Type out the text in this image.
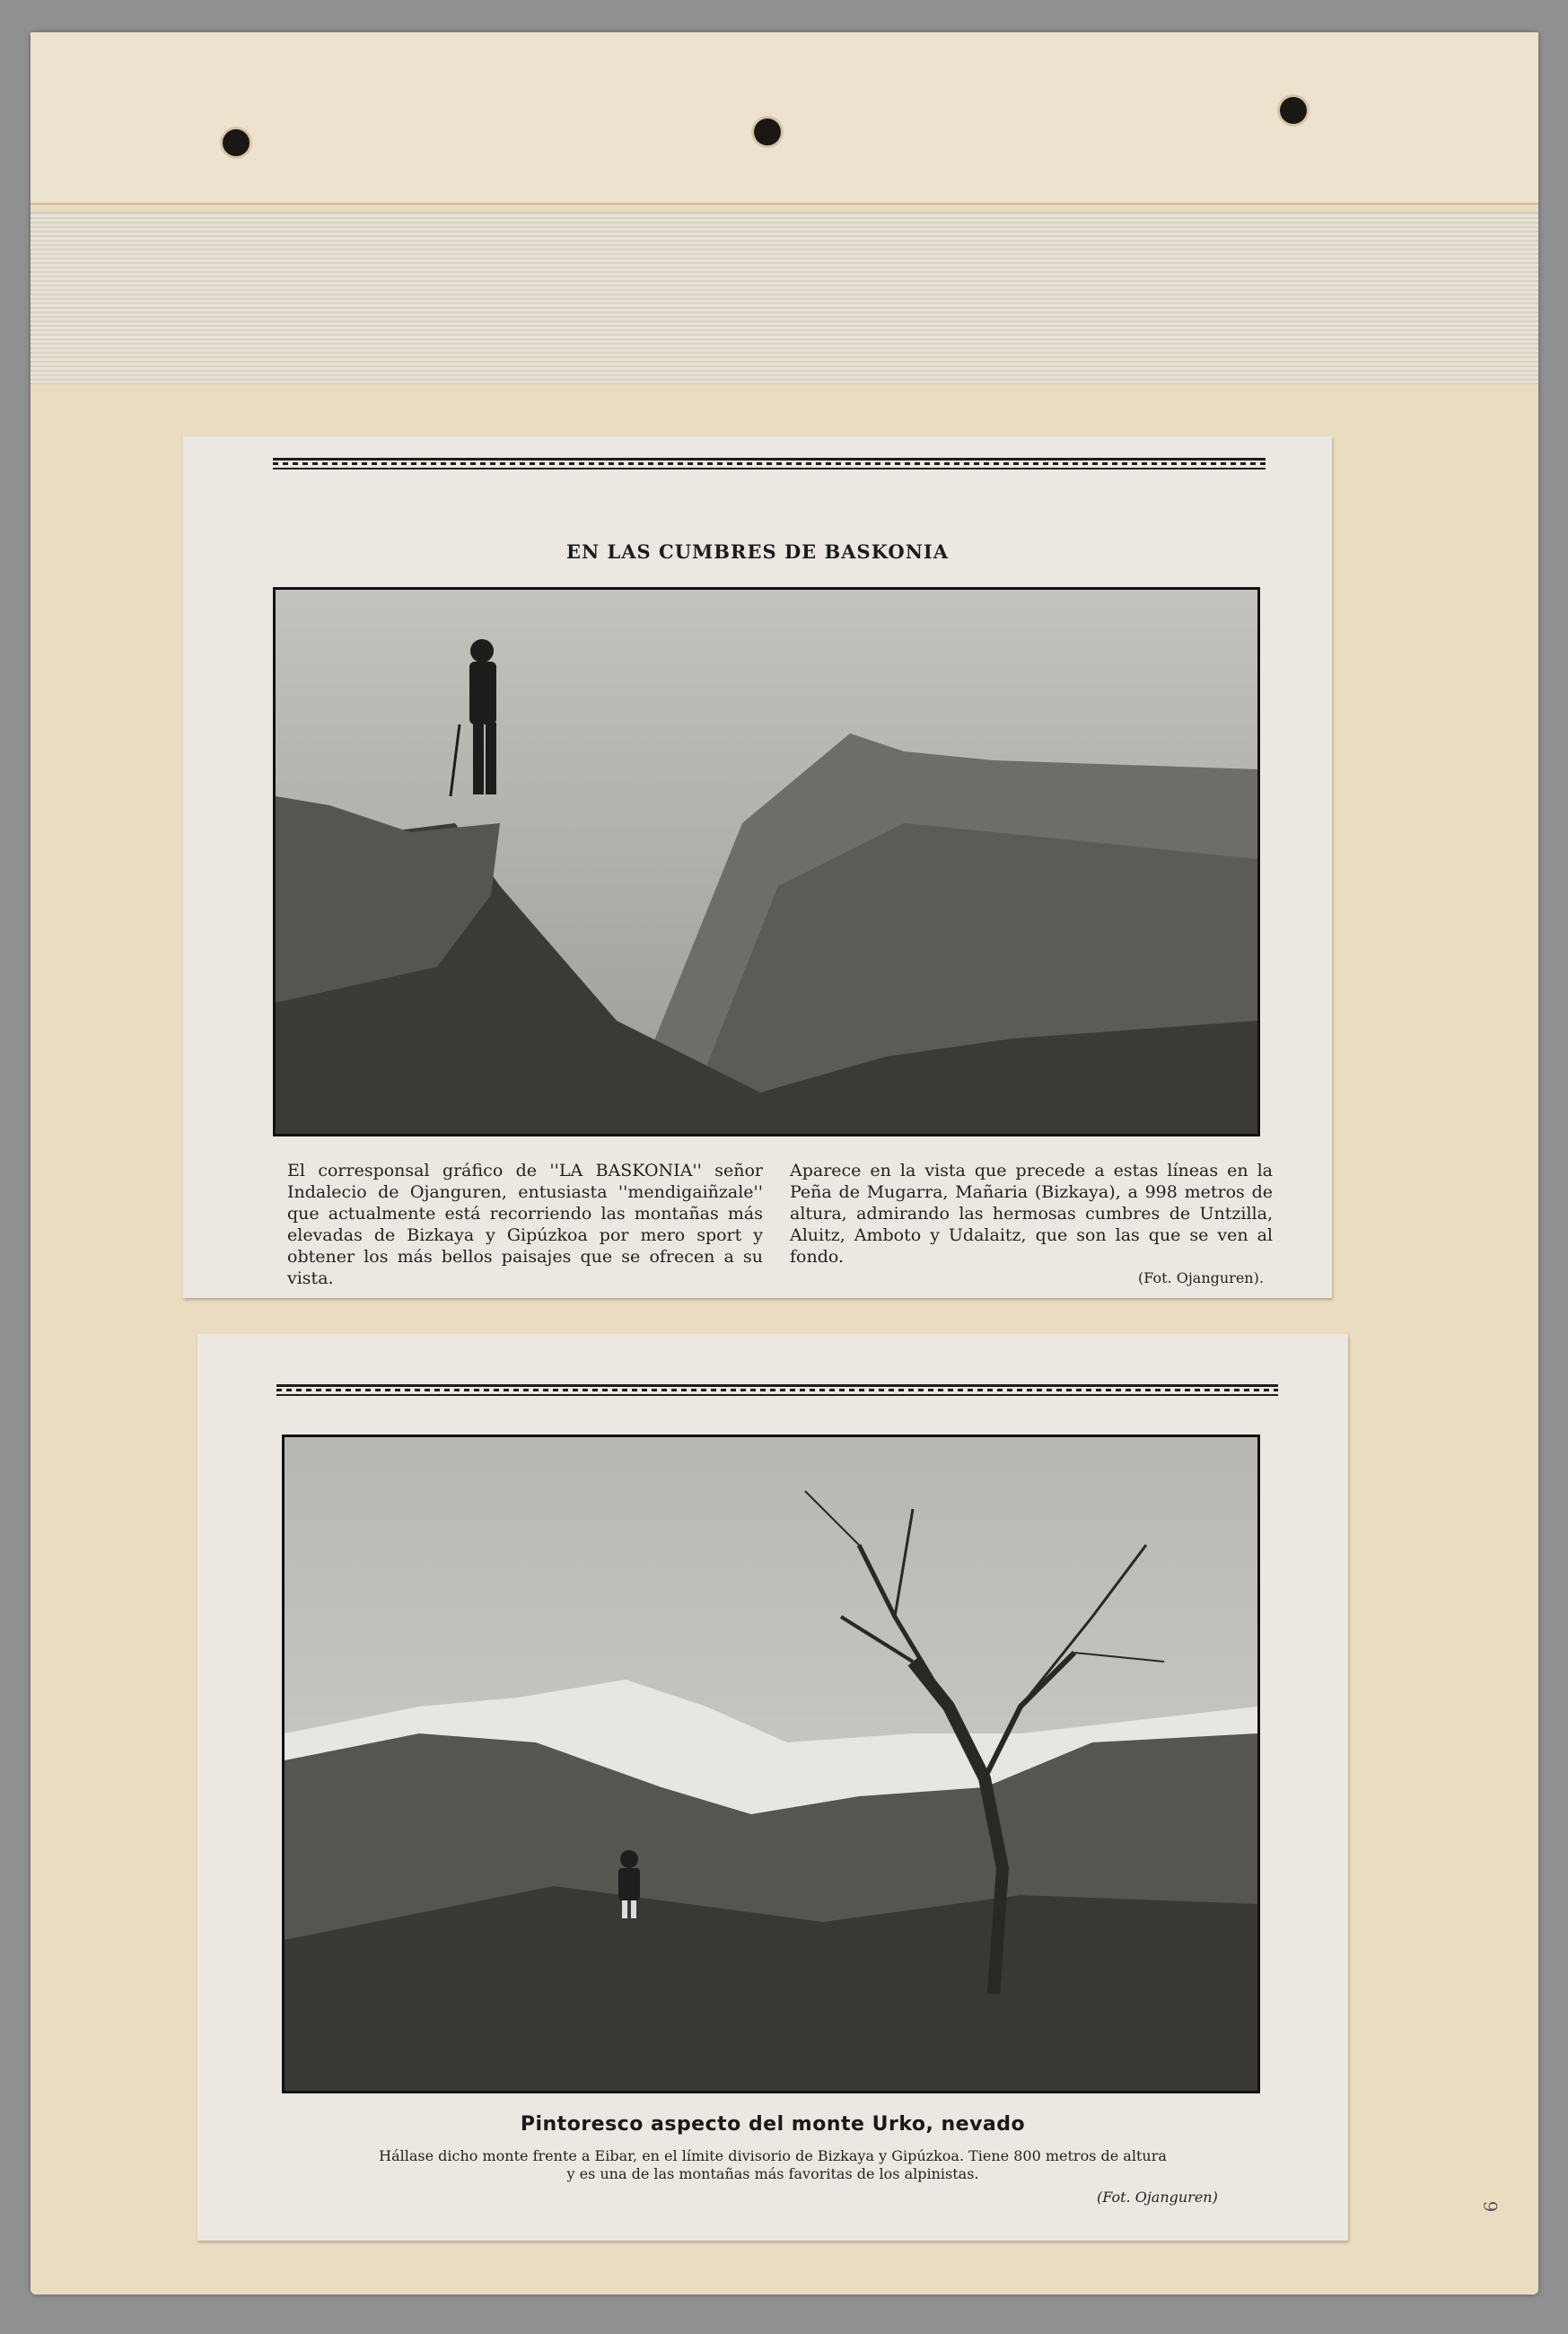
EN LAS CUMBRES DE BASKONIA

El corresponsal gráfico de ''LA BASKONIA'' señor Indalecio de Ojanguren, entusiasta ''mendigaiñzale'' que actualmente está recorriendo las montañas más elevadas de Bizkaya y Gipúzkoa por mero sport y obtener los más bellos paisajes que se ofrecen a su vista.

Aparece en la vista que precede a estas líneas en la Peña de Mugarra, Mañaria (Bizkaya), a 998 metros de altura, admirando las hermosas cumbres de Untzilla, Aluitz, Amboto y Udalaitz, que son las que se ven al fondo.

(Fot. Ojanguren).
Pintoresco aspecto del monte Urko, nevado
Hállase dicho monte frente a Eibar, en el límite divisorio de Bizkaya y Gipúzkoa. Tiene 800 metros de altura
y es una de las montañas más favoritas de los alpinistas.
(Fot. Ojanguren)
9
